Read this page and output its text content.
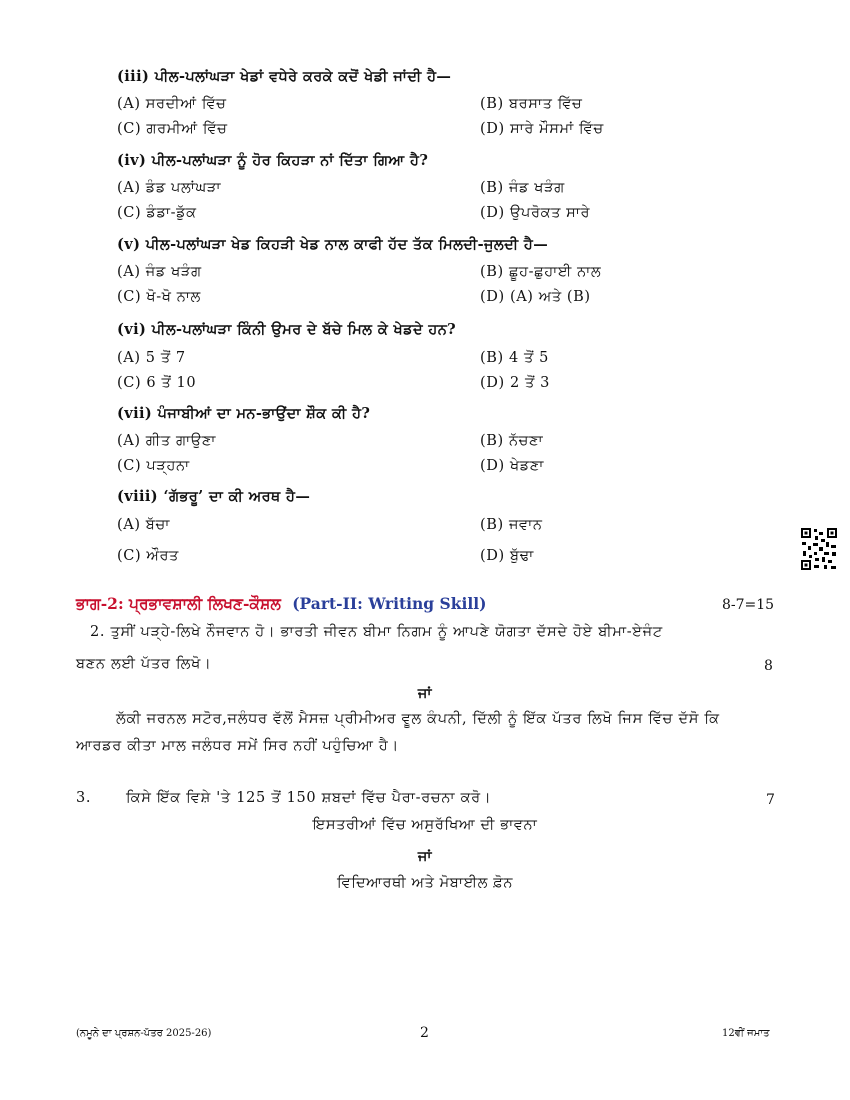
(iii) ਪੀਲ-ਪਲਾਂਘੜਾ ਖੇਡਾਂ ਵਧੇਰੇ ਕਰਕੇ ਕਦੋਂ ਖੇਡੀ ਜਾਂਦੀ ਹੈ—
(A) ਸਰਦੀਆਂ ਵਿੱਚ	(B) ਬਰਸਾਤ ਵਿੱਚ
(C) ਗਰਮੀਆਂ ਵਿੱਚ	(D) ਸਾਰੇ ਮੌਸਮਾਂ ਵਿੱਚ
(iv) ਪੀਲ-ਪਲਾਂਘੜਾ ਨੂੰ ਹੋਰ ਕਿਹੜਾ ਨਾਂ ਦਿੱਤਾ ਗਿਆ ਹੈ?
(A) ਡੰਡ ਪਲਾਂਘੜਾ	(B) ਜੰਡ ਖੜੰਗ
(C) ਡੰਡਾ-ਡੁੱਕ	(D) ਉਪਰੋਕਤ ਸਾਰੇ
(v) ਪੀਲ-ਪਲਾਂਘੜਾ ਖੇਡ ਕਿਹੜੀ ਖੇਡ ਨਾਲ ਕਾਫੀ ਹੱਦ ਤੱਕ ਮਿਲਦੀ-ਜੁਲਦੀ ਹੈ—
(A) ਜੰਡ ਖੜੰਗ	(B) ਛੂਹ-ਛੁਹਾਈ ਨਾਲ
(C) ਖੋ-ਖੋ ਨਾਲ	(D) (A) ਅਤੇ (B)
(vi) ਪੀਲ-ਪਲਾਂਘੜਾ ਕਿੰਨੀ ਉਮਰ ਦੇ ਬੱਚੇ ਮਿਲ ਕੇ ਖੇਡਦੇ ਹਨ?
(A) 5 ਤੋਂ 7	(B) 4 ਤੋਂ 5
(C) 6 ਤੋਂ 10	(D) 2 ਤੋਂ 3
(vii) ਪੰਜਾਬੀਆਂ ਦਾ ਮਨ-ਭਾਉਂਦਾ ਸ਼ੌਕ ਕੀ ਹੈ?
(A) ਗੀਤ ਗਾਉਣਾ	(B) ਨੱਚਣਾ
(C) ਪੜ੍ਹਨਾ	(D) ਖੇਡਣਾ
(viii) ‘ਗੱਭਰੂ’ ਦਾ ਕੀ ਅਰਥ ਹੈ—
(A) ਬੱਚਾ	(B) ਜਵਾਨ
(C) ਔਰਤ	(D) ਬੁੱਢਾ
ਭਾਗ-2: ਪ੍ਰਭਾਵਸ਼ਾਲੀ ਲਿਖਣ-ਕੌਸ਼ਲ (Part-II: Writing Skill)	8-7=15
2. ਤੁਸੀਂ ਪੜ੍ਹੇ-ਲਿਖੇ ਨੌਜਵਾਨ ਹੋ। ਭਾਰਤੀ ਜੀਵਨ ਬੀਮਾ ਨਿਗਮ ਨੂੰ ਆਪਣੇ ਯੋਗਤਾ ਦੱਸਦੇ ਹੋਏ ਬੀਮਾ-ਏਜੰਟ
ਬਣਨ ਲਈ ਪੱਤਰ ਲਿਖੋ।	8
ਜਾਂ
ਲੱਕੀ ਜਰਨਲ ਸਟੋਰ,ਜਲੰਧਰ ਵੱਲੋਂ ਮੈਸਜ਼ ਪ੍ਰੀਮੀਅਰ ਵੂਲ ਕੰਪਨੀ, ਦਿੱਲੀ ਨੂੰ ਇੱਕ ਪੱਤਰ ਲਿਖੋ ਜਿਸ ਵਿੱਚ ਦੱਸੋ ਕਿ
ਆਰਡਰ ਕੀਤਾ ਮਾਲ ਜਲੰਧਰ ਸਮੇਂ ਸਿਰ ਨਹੀਂ ਪਹੁੰਚਿਆ ਹੈ।
3. ਕਿਸੇ ਇੱਕ ਵਿਸ਼ੇ 'ਤੇ 125 ਤੋਂ 150 ਸ਼ਬਦਾਂ ਵਿੱਚ ਪੈਰਾ-ਰਚਨਾ ਕਰੋ।	7
ਇਸਤਰੀਆਂ ਵਿੱਚ ਅਸੁਰੱਖਿਆ ਦੀ ਭਾਵਨਾ
ਜਾਂ
ਵਿਦਿਆਰਥੀ ਅਤੇ ਮੋਬਾਈਲ ਫ਼ੋਨ
(ਨਮੂਨੇ ਦਾ ਪ੍ਰਸ਼ਨ-ਪੱਤਰ 2025-26)	2	12ਵੀਂ ਜਮਾਤ
